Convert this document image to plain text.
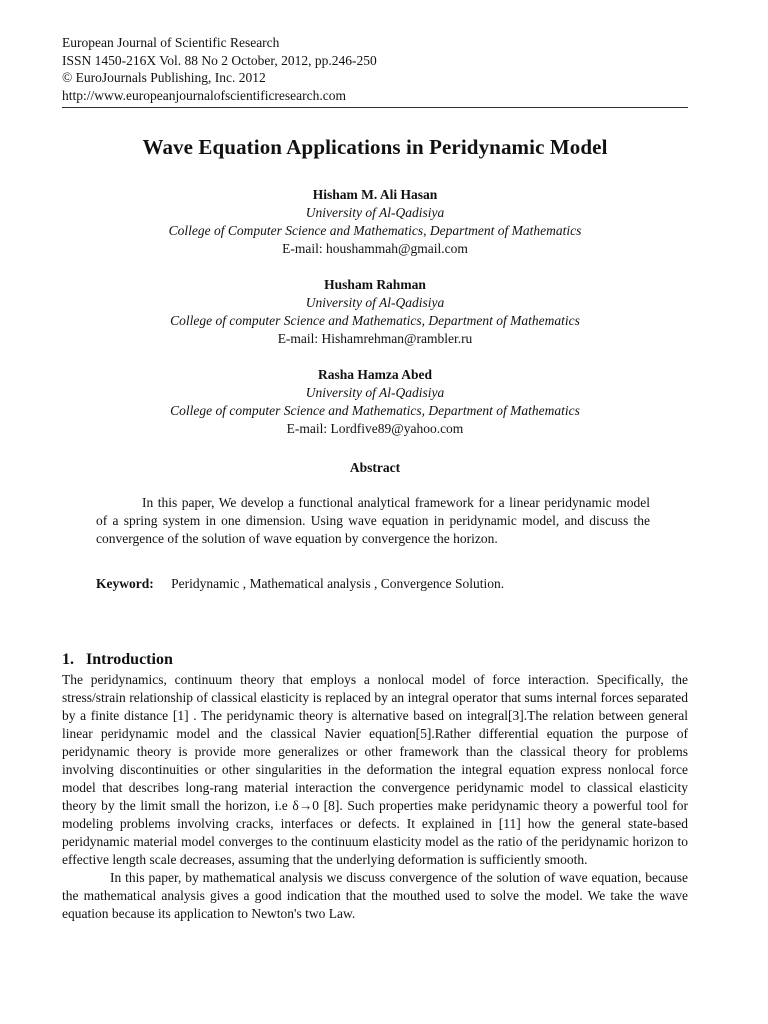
European Journal of Scientific Research
ISSN 1450-216X Vol. 88 No 2 October, 2012, pp.246-250
© EuroJournals Publishing, Inc. 2012
http://www.europeanjournalofscientificresearch.com
Wave Equation Applications in Peridynamic Model
Hisham M. Ali Hasan
University of Al-Qadisiya
College of Computer Science and Mathematics, Department of Mathematics
E-mail: houshammah@gmail.com
Husham Rahman
University of Al-Qadisiya
College of computer Science and Mathematics, Department of Mathematics
E-mail: Hishamrehman@rambler.ru
Rasha Hamza Abed
University of Al-Qadisiya
College of computer Science and Mathematics, Department of Mathematics
E-mail: Lordfive89@yahoo.com
Abstract
In this paper, We develop a functional analytical framework for a linear peridynamic model of a spring system in one dimension. Using wave equation in peridynamic model, and discuss the convergence of the solution of wave equation by convergence the horizon.
Keyword: Peridynamic , Mathematical analysis , Convergence Solution.
1. Introduction

The peridynamics, continuum theory that employs a nonlocal model of force interaction. Specifically, the stress/strain relationship of classical elasticity is replaced by an integral operator that sums internal forces separated by a finite distance [1] . The peridynamic theory is alternative based on integral[3].The relation between general linear peridynamic model and the classical Navier equation[5].Rather differential equation the purpose of peridynamic theory is provide more generalizes or other framework than the classical theory for problems involving discontinuities or other singularities in the deformation the integral equation express nonlocal force model that describes long-rang material interaction the convergence peridynamic model to classical elasticity theory by the limit small the horizon, i.e δ→0 [8]. Such properties make peridynamic theory a powerful tool for modeling problems involving cracks, interfaces or defects. It explained in [11] how the general state-based peridynamic material model converges to the continuum elasticity model as the ratio of the peridynamic horizon to effective length scale decreases, assuming that the underlying deformation is sufficiently smooth.

In this paper, by mathematical analysis we discuss convergence of the solution of wave equation, because the mathematical analysis gives a good indication that the mouthed used to solve the model. We take the wave equation because its application to Newton's two Law.
